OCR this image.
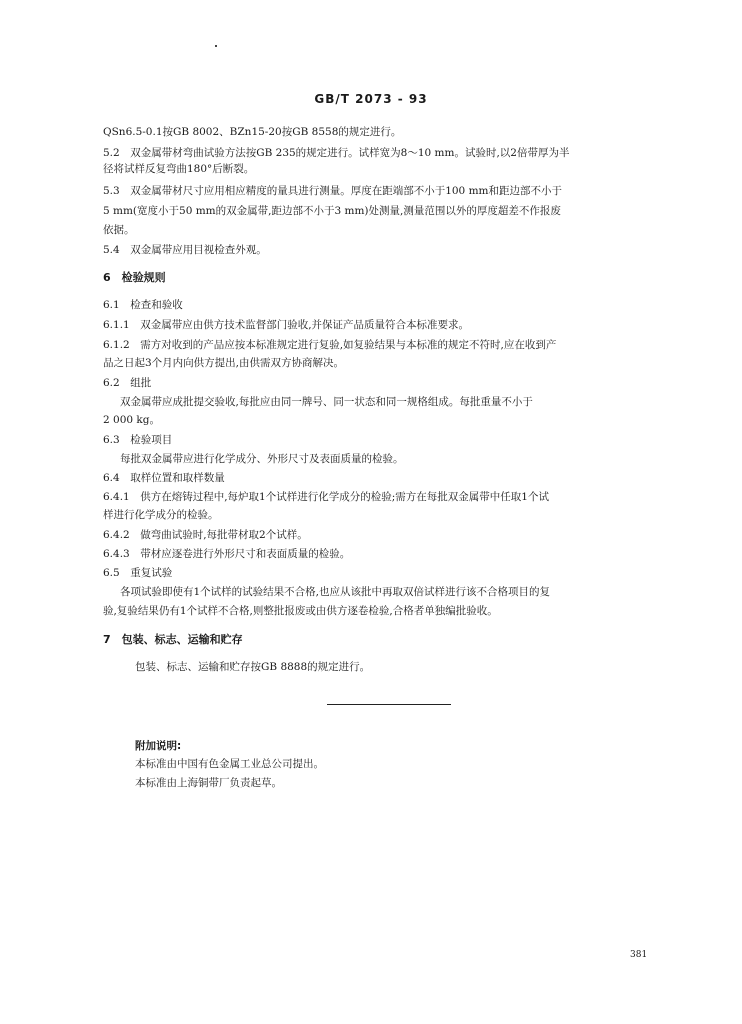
GB/T 2073 - 93
QSn6.5-0.1按GB 8002、BZn15-20按GB 8558的规定进行。
5.2　双金属带材弯曲试验方法按GB 235的规定进行。试样宽为8～10 mm。试验时,以2倍带厚为半
径将试样反复弯曲180°后断裂。
5.3　双金属带材尺寸应用相应精度的量具进行测量。厚度在距端部不小于100 mm和距边部不小于
5 mm(宽度小于50 mm的双金属带,距边部不小于3 mm)处测量,测量范围以外的厚度超差不作报废
依据。
5.4　双金属带应用目视检查外观。
6　检验规则
6.1　检查和验收
6.1.1　双金属带应由供方技术监督部门验收,并保证产品质量符合本标准要求。
6.1.2　需方对收到的产品应按本标准规定进行复验,如复验结果与本标准的规定不符时,应在收到产
品之日起3个月内向供方提出,由供需双方协商解决。
6.2　组批
双金属带应成批提交验收,每批应由同一牌号、同一状态和同一规格组成。每批重量不小于
2 000 kg。
6.3　检验项目
每批双金属带应进行化学成分、外形尺寸及表面质量的检验。
6.4　取样位置和取样数量
6.4.1　供方在熔铸过程中,每炉取1个试样进行化学成分的检验;需方在每批双金属带中任取1个试
样进行化学成分的检验。
6.4.2　做弯曲试验时,每批带材取2个试样。
6.4.3　带材应逐卷进行外形尺寸和表面质量的检验。
6.5　重复试验
各项试验即使有1个试样的试验结果不合格,也应从该批中再取双倍试样进行该不合格项目的复
验,复验结果仍有1个试样不合格,则整批报废或由供方逐卷检验,合格者单独编批验收。
7　包装、标志、运输和贮存
包装、标志、运输和贮存按GB 8888的规定进行。
附加说明:
本标准由中国有色金属工业总公司提出。
本标准由上海铜带厂负责起草。
381
